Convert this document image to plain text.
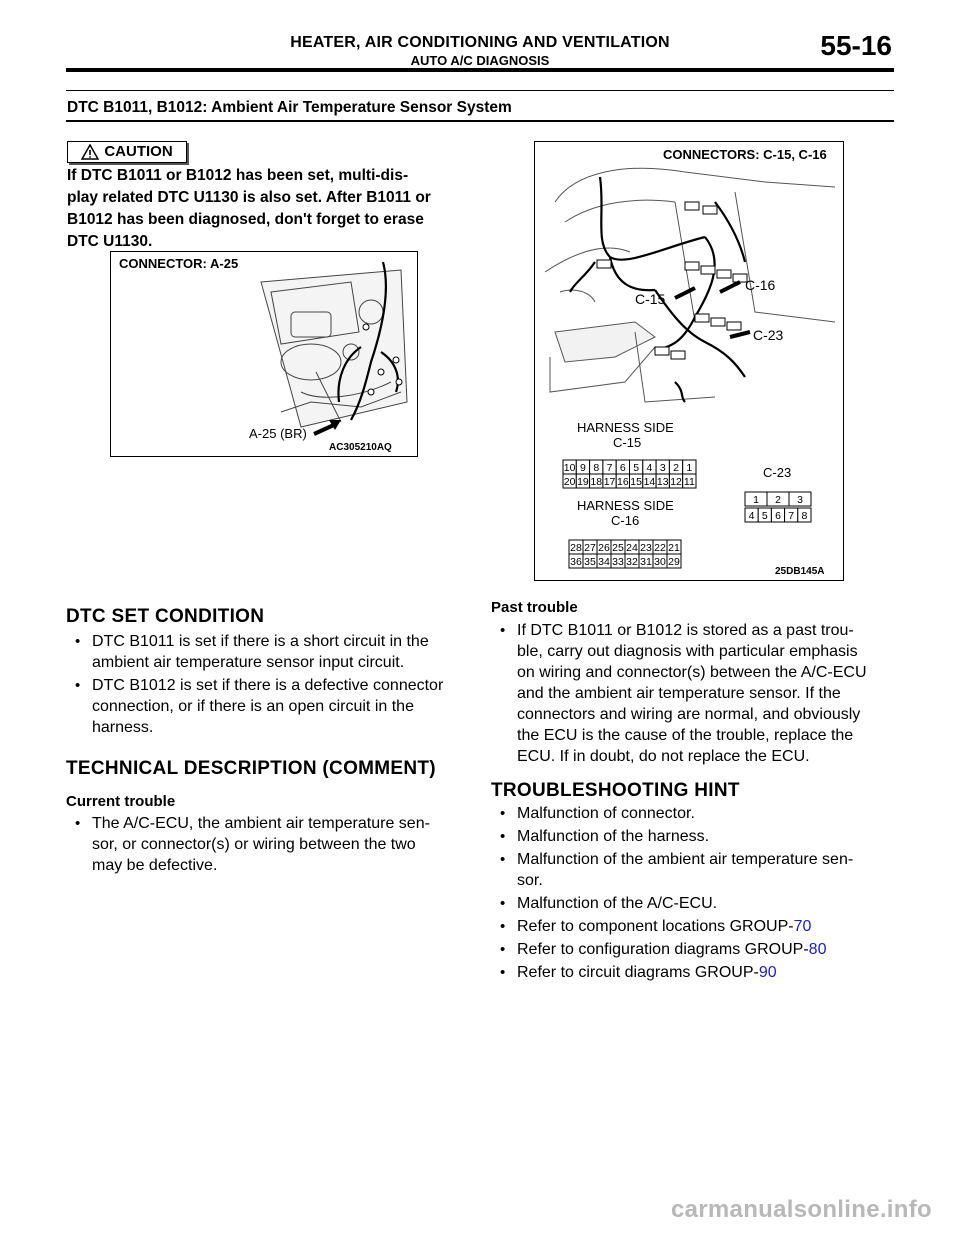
HEATER, AIR CONDITIONING AND VENTILATION
AUTO A/C DIAGNOSIS	55-16
DTC B1011, B1012: Ambient Air Temperature Sensor System
CAUTION
If DTC B1011 or B1012 has been set, multi-dis-
play related DTC U1130 is also set. After B1011 or
B1012 has been diagnosed, don't forget to erase
DTC U1130.
CONNECTOR: A-25
A-25 (BR)
AC305210AQ
CONNECTORS: C-15, C-16
C-16
C-15
C-23
HARNESS SIDE
C-15
10 9 8 7 6 5 4 3 2 1
20 19 18 17 16 15 14 13 12 11
HARNESS SIDE
C-16
28 27 26 25 24 23 22 21
36 35 34 33 32 31 30 29
C-23
1 2 3
4 5 6 7 8
25DB145A
DTC SET CONDITION
• DTC B1011 is set if there is a short circuit in the
ambient air temperature sensor input circuit.
• DTC B1012 is set if there is a defective connector
connection, or if there is an open circuit in the
harness.
TECHNICAL DESCRIPTION (COMMENT)
Current trouble
• The A/C-ECU, the ambient air temperature sen-
sor, or connector(s) or wiring between the two
may be defective.
Past trouble
• If DTC B1011 or B1012 is stored as a past trou-
ble, carry out diagnosis with particular emphasis
on wiring and connector(s) between the A/C-ECU
and the ambient air temperature sensor. If the
connectors and wiring are normal, and obviously
the ECU is the cause of the trouble, replace the
ECU. If in doubt, do not replace the ECU.
TROUBLESHOOTING HINT
• Malfunction of connector.
• Malfunction of the harness.
• Malfunction of the ambient air temperature sen-
sor.
• Malfunction of the A/C-ECU.
• Refer to component locations GROUP-70
• Refer to configuration diagrams GROUP-80
• Refer to circuit diagrams GROUP-90
carmanualsonline.info
